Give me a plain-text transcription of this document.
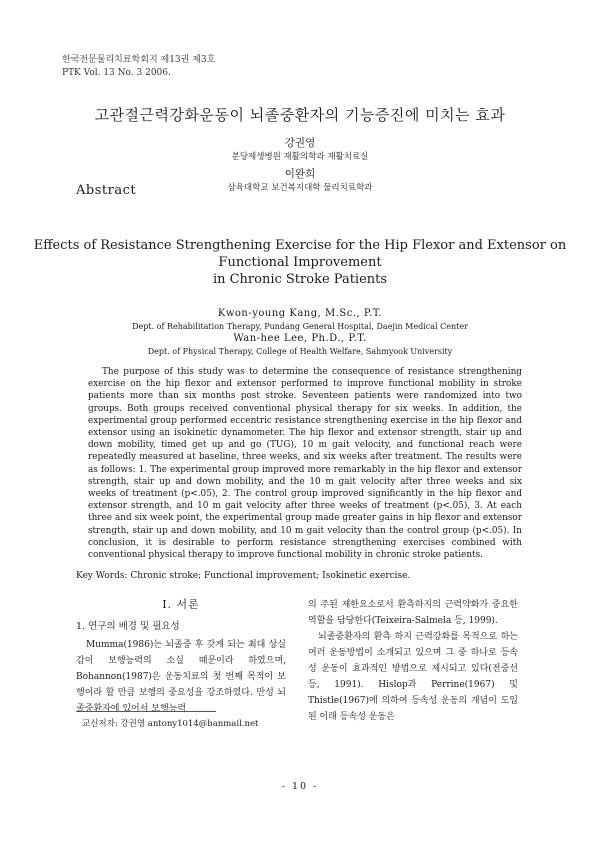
한국전문물리치료학회지 제13권 제3호
PTK Vol. 13 No. 3 2006.
고관절근력강화운동이 뇌졸중환자의 기능증진에 미치는 효과
강권영
분당제생병원 재활의학과 재활치료실
이완희
삼육대학교 보건복지대학 물리치료학과
Abstract
Effects of Resistance Strengthening Exercise for the Hip Flexor and Extensor on
Functional Improvement
in Chronic Stroke Patients
Kwon-young Kang, M.Sc., P.T.
Dept. of Rehabilitation Therapy, Pundang General Hospital, Daejin Medical Center
Wan-hee Lee, Ph.D., P.T.
Dept. of Physical Therapy, College of Health Welfare, Sahmyook University
The purpose of this study was to determine the consequence of resistance strengthening exercise on the hip flexor and extensor performed to improve functional mobility in stroke patients more than six months post stroke. Seventeen patients were randomized into two groups. Both groups received conventional physical therapy for six weeks. In addition, the experimental group performed eccentric resistance strengthening exercise in the hip flexor and extensor using an isokinetic dynamometer. The hip flexor and extensor strength, stair up and down mobility, timed get up and go (TUG), 10 m gait velocity, and functional reach were repeatedly measured at baseline, three weeks, and six weeks after treatment. The results were as follows: 1. The experimental group improved more remarkably in the hip flexor and extensor strength, stair up and down mobility, and the 10 m gait velocity after three weeks and six weeks of treatment (p<.05), 2. The control group improved significantly in the hip flexor and extensor strength, and 10 m gait velocity after three weeks of treatment (p<.05), 3. At each three and six week point, the experimental group made greater gains in hip flexor and extensor strength, stair up and down mobility, and 10 m gait velocity than the control group (p<.05). In conclusion, it is desirable to perform resistance strengthening exercises combined with conventional physical therapy to improve functional mobility in chronic stroke patients.
Key Words: Chronic stroke; Functional improvement; Isokinetic exercise.
Ⅰ. 서론
1. 연구의 배경 및 필요성
Mumma(1986)는 뇌졸중 후 갖게 되는 최대 상실감이 보행능력의 소실 때문이라 하였으며, Bohannon(1987)은 운동치료의 첫 번째 목적이 보행이라 할 만큼 보행의 중요성을 강조하였다. 만성 뇌졸중환자에 있어서 보행능력
의 주된 제한요소로서 환측하지의 근력약화가 중요한 역할을 담당한다(Teixeira-Salmela 등, 1999).
뇌졸중환자의 환측 하지 근력강화를 목적으로 하는 여러 운동방법이 소개되고 있으며 그 중 하나로 등속성 운동이 효과적인 방법으로 제시되고 있다(전중선 등, 1991). Hislop과 Perrine(1967) 및 Thistle(1967)에 의하여 등속성 운동의 개념이 도입된 이래 등속성 운동은
교신저자: 강권영 antony1014@hanmail.net
- 10 -
